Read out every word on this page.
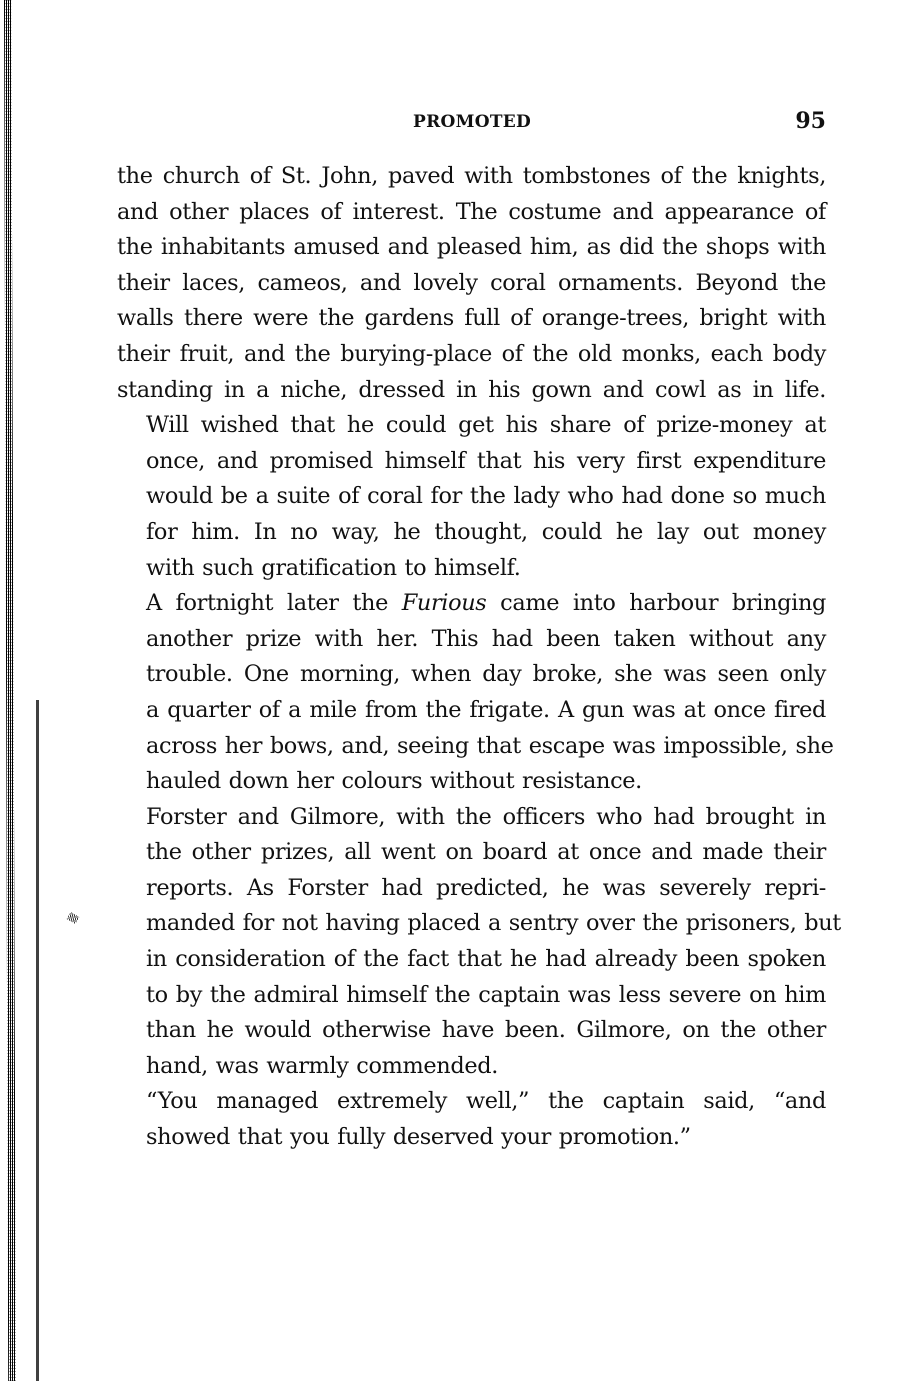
PROMOTED	95

the church of St. John, paved with tombstones of the knights,
and other places of interest. The costume and appearance of
the inhabitants amused and pleased him, as did the shops with
their laces, cameos, and lovely coral ornaments. Beyond the
walls there were the gardens full of orange-trees, bright with
their fruit, and the burying-place of the old monks, each body
standing in a niche, dressed in his gown and cowl as in life.

Will wished that he could get his share of prize-money at
once, and promised himself that his very first expenditure
would be a suite of coral for the lady who had done so much
for him. In no way, he thought, could he lay out money
with such gratification to himself.

A fortnight later the Furious came into harbour bringing
another prize with her. This had been taken without any
trouble. One morning, when day broke, she was seen only
a quarter of a mile from the frigate. A gun was at once fired
across her bows, and, seeing that escape was impossible, she
hauled down her colours without resistance.

Forster and Gilmore, with the officers who had brought in
the other prizes, all went on board at once and made their
reports. As Forster had predicted, he was severely repri-
manded for not having placed a sentry over the prisoners, but
in consideration of the fact that he had already been spoken
to by the admiral himself the captain was less severe on him
than he would otherwise have been. Gilmore, on the other
hand, was warmly commended.

“You managed extremely well,” the captain said, “and
showed that you fully deserved your promotion.”
